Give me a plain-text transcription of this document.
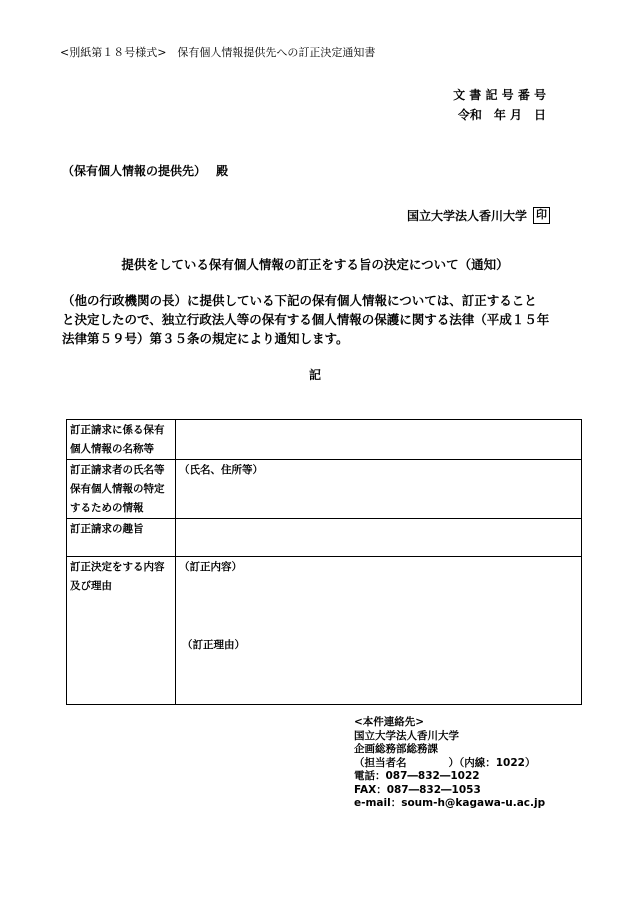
<別紙第１８号様式>　保有個人情報提供先への訂正決定通知書
文 書 記 号 番 号
令和　年 月　日
（保有個人情報の提供先）　 殿
国立大学法人香川大学 印
提供をしている保有個人情報の訂正をする旨の決定について（通知）
（他の行政機関の長）に提供している下記の保有個人情報については、訂正すること
と決定したので、独立行政法人等の保有する個人情報の保護に関する法律（平成１５年
法律第５９号）第３５条の規定により通知します。
記
訂正請求に係る保有個人情報の名称等	
訂正請求者の氏名等保有個人情報の特定するための情報	（氏名、住所等）
訂正請求の趣旨	
訂正決定をする内容及び理由	（訂正内容）
（訂正理由）
<本件連絡先>
国立大学法人香川大学
企画総務部総務課
（担当者名　　　　）（内線：1022）
電話：087―832―1022
FAX：087―832―1053
e-mail：soum-h@kagawa-u.ac.jp
